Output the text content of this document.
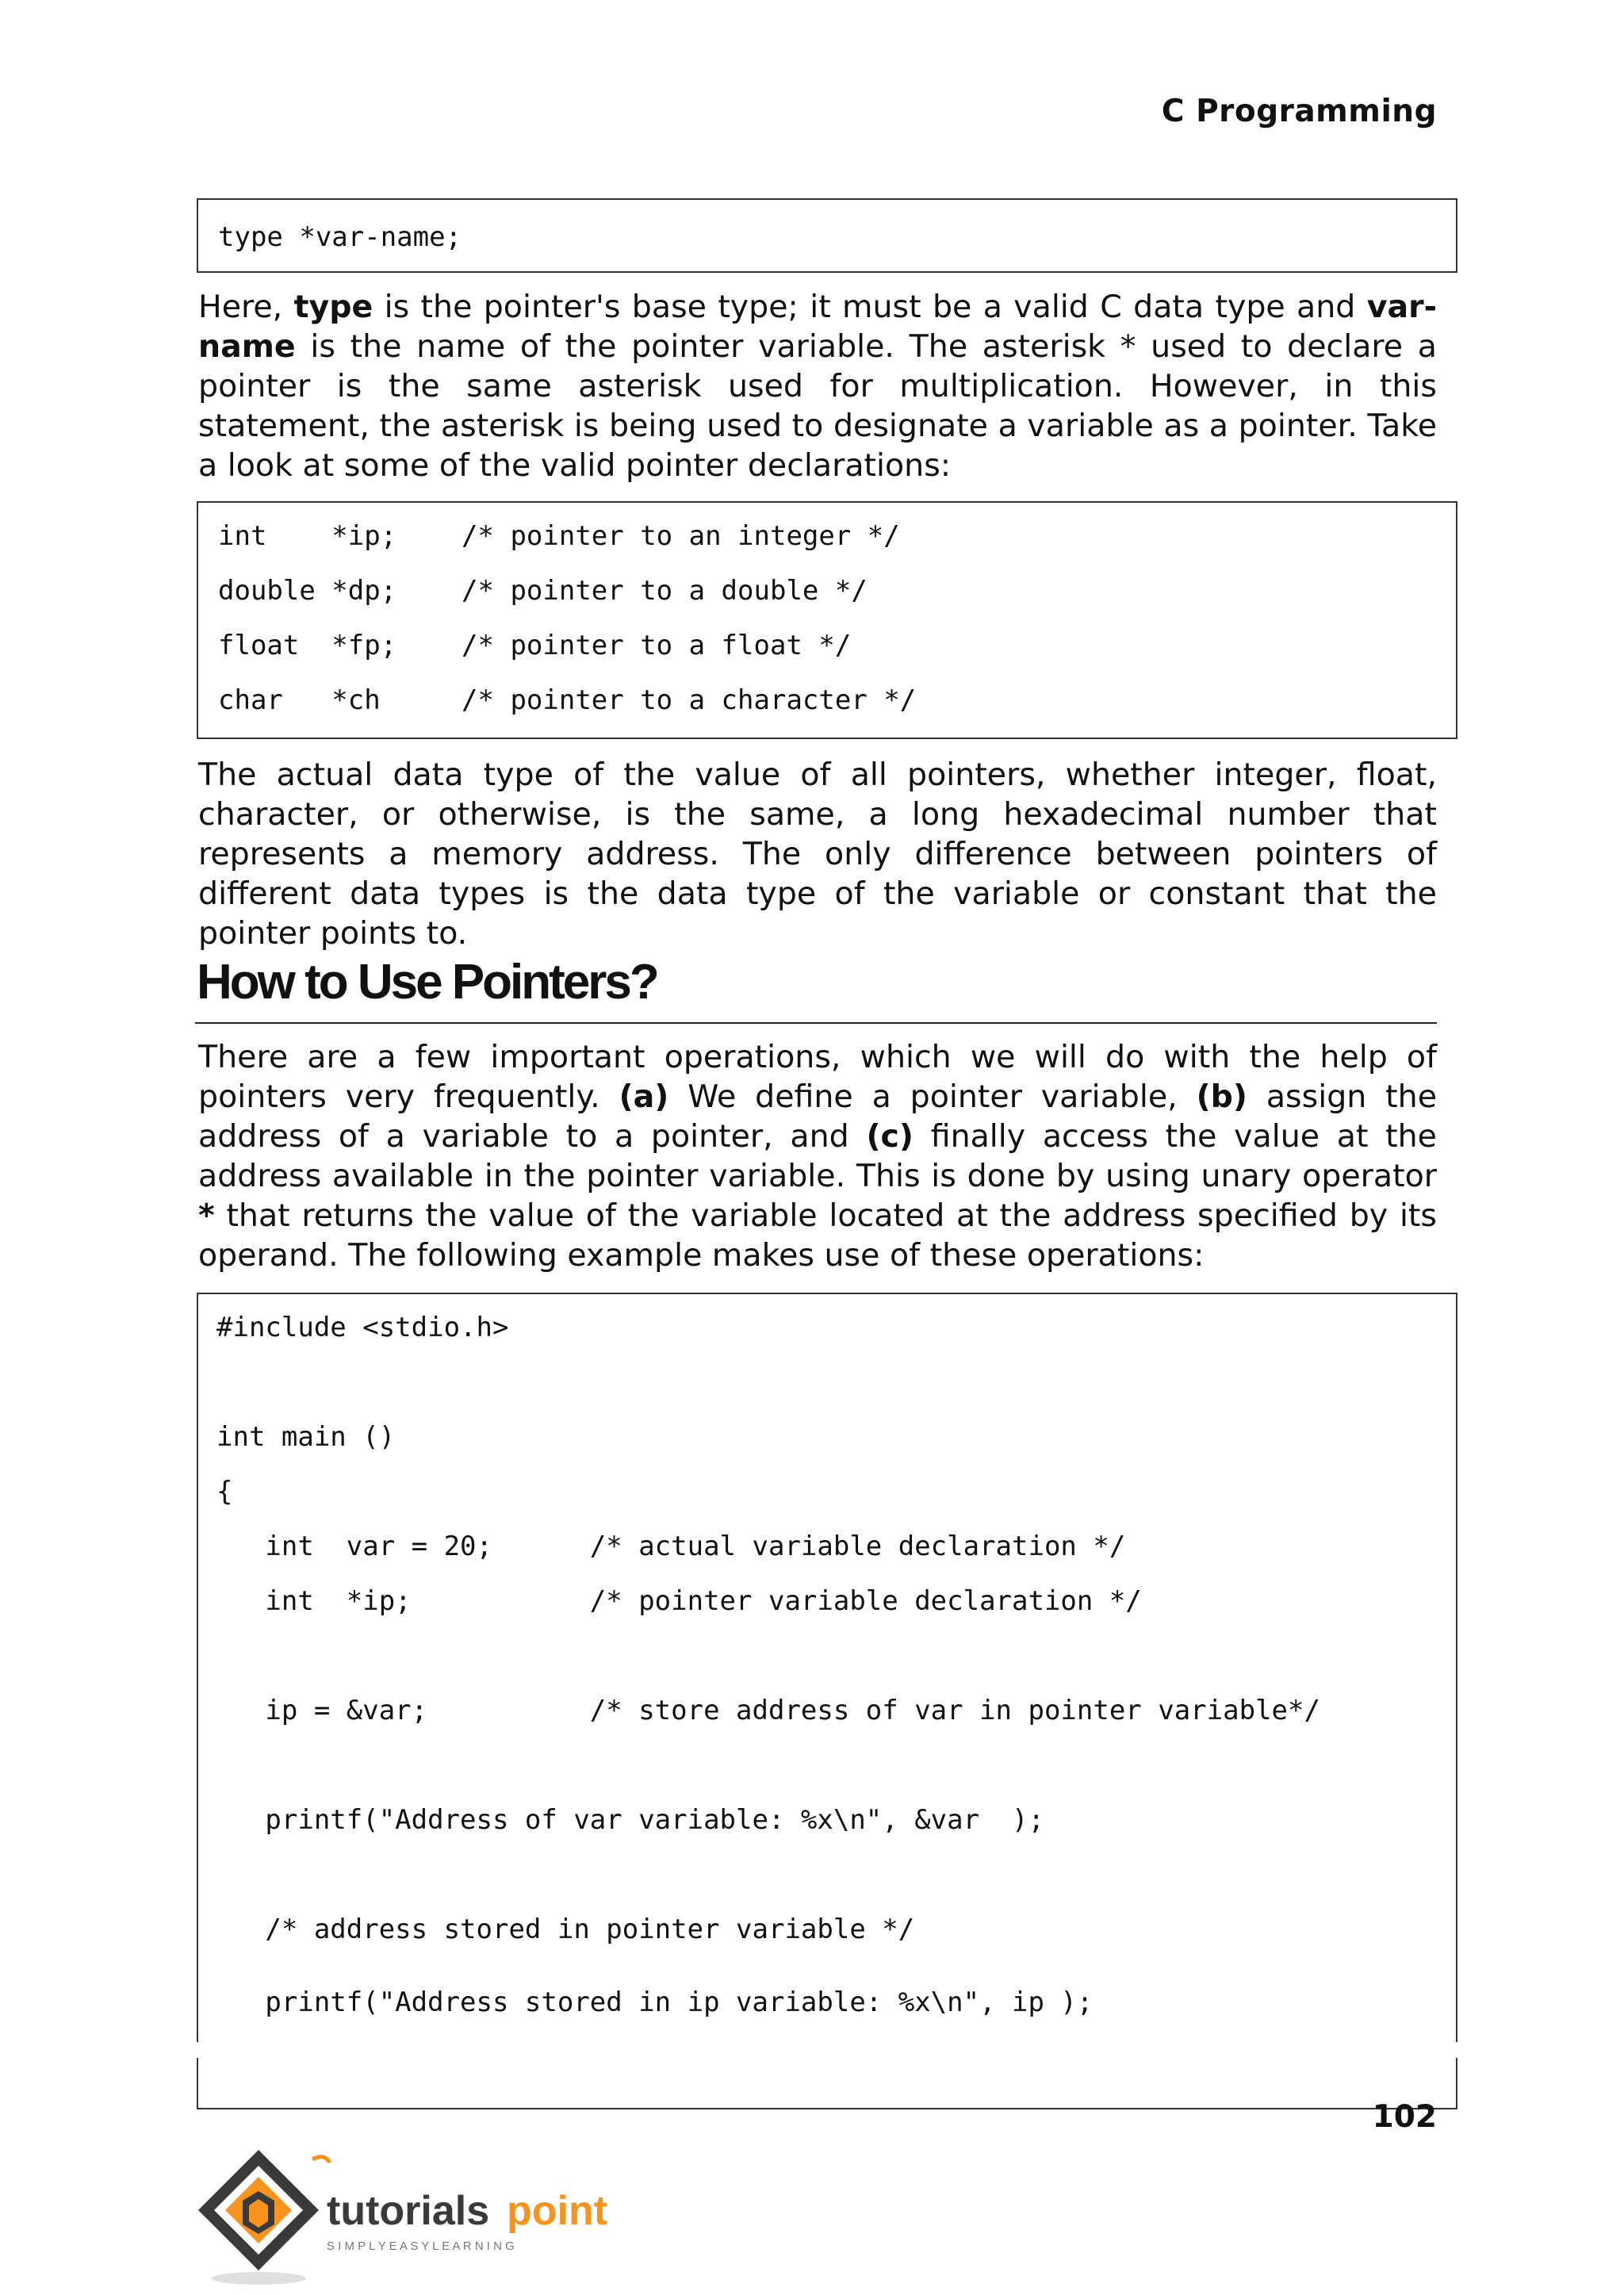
C Programming
type *var-name;
Here, type is the pointer's base type; it must be a valid C data type and var-name is the name of the pointer variable. The asterisk * used to declare a pointer is the same asterisk used for multiplication. However, in this statement, the asterisk is being used to designate a variable as a pointer. Take a look at some of the valid pointer declarations:
int    *ip;    /* pointer to an integer */
double *dp;    /* pointer to a double */
float  *fp;    /* pointer to a float */
char   *ch     /* pointer to a character */
The actual data type of the value of all pointers, whether integer, float, character, or otherwise, is the same, a long hexadecimal number that represents a memory address. The only difference between pointers of different data types is the data type of the variable or constant that the pointer points to.
How to Use Pointers?
There are a few important operations, which we will do with the help of pointers very frequently. (a) We define a pointer variable, (b) assign the address of a variable to a pointer, and (c) finally access the value at the address available in the pointer variable. This is done by using unary operator * that returns the value of the variable located at the address specified by its operand. The following example makes use of these operations:
#include <stdio.h>
int main ()
{
int  var = 20;      /* actual variable declaration */
int  *ip;           /* pointer variable declaration */
ip = &var;          /* store address of var in pointer variable*/
printf("Address of var variable: %x\n", &var  );
/* address stored in pointer variable */
printf("Address stored in ip variable: %x\n", ip );
102
tutorials point
S I M P L Y E A S Y L E A R N I N G
